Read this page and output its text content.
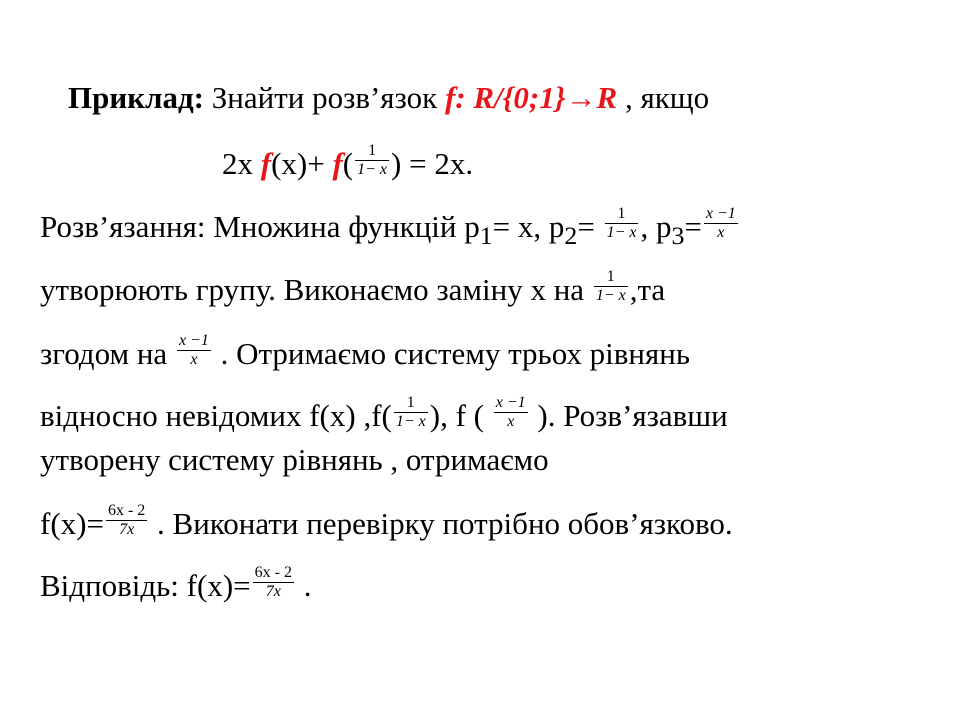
Приклад: Знайти розв’язок f: R/{0;1}→R , якщо
2x $f(x)+ f( \frac{1}{1- x}$ ) = 2x.
Розв’язання: Множина функцій $p_1= x$, $p_2= \frac{1}{1- x}$ , $p_3= \frac{x -1}{x}$
утворюють групу. Виконаємо заміну x на $\frac{1}{1- x} ,та$
згодом на $\frac{x -1}{x}$ . Отримаємо систему трьох рівнянь
відносно невідомих f(x) $,f( \frac{1}{1- x}$ ), f ( $\frac{x -1}{x}$ ). Розв’язавши
утворену систему рівнянь , отримаємо
$f(x)= \frac{6x - 2}{7x}$ . Виконати перевірку потрібно обов’язково.
Відповідь: $f(x)= \frac{6x - 2}{7x}$ .
